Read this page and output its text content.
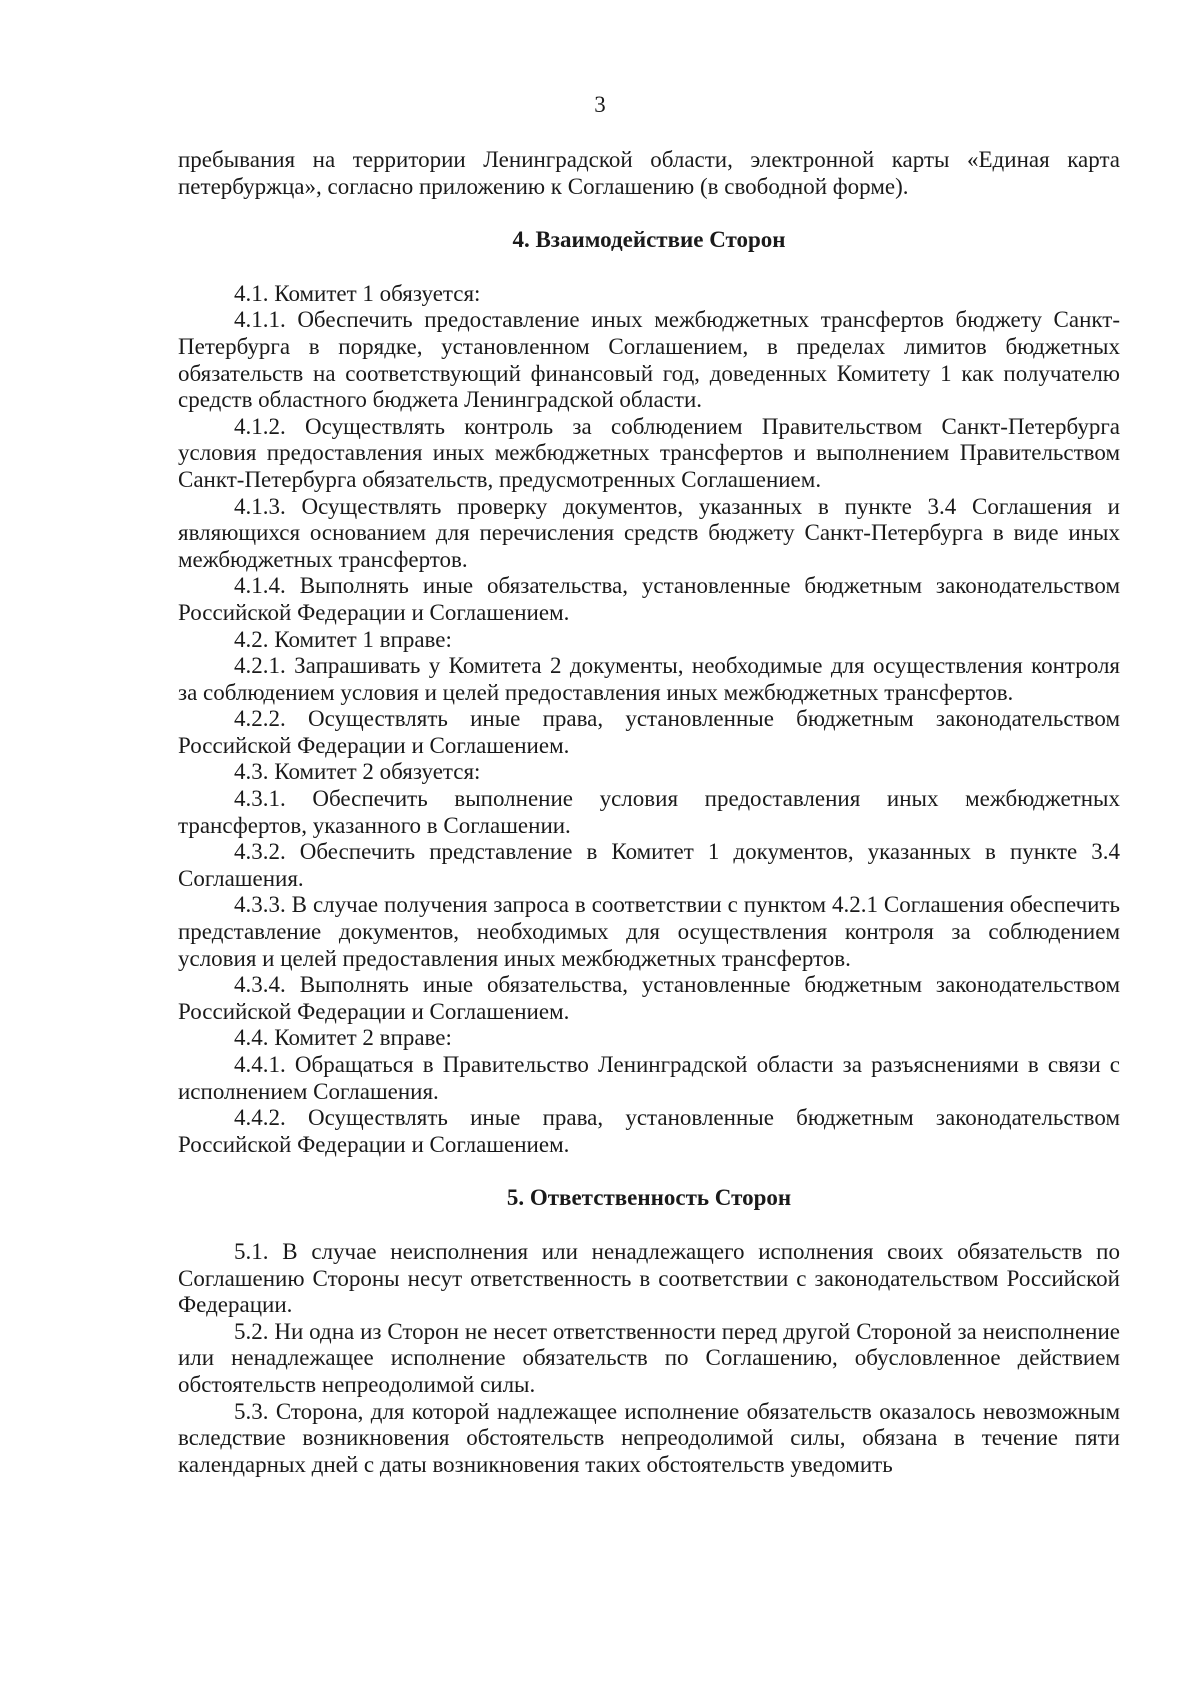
3

пребывания на территории Ленинградской области, электронной карты «Единая карта петербуржца», согласно приложению к Соглашению (в свободной форме).

4. Взаимодействие Сторон

4.1. Комитет 1 обязуется:

4.1.1. Обеспечить предоставление иных межбюджетных трансфертов бюджету Санкт-Петербурга в порядке, установленном Соглашением, в пределах лимитов бюджетных обязательств на соответствующий финансовый год, доведенных Комитету 1 как получателю средств областного бюджета Ленинградской области.

4.1.2. Осуществлять контроль за соблюдением Правительством Санкт-Петербурга условия предоставления иных межбюджетных трансфертов и выполнением Правительством Санкт-Петербурга обязательств, предусмотренных Соглашением.

4.1.3. Осуществлять проверку документов, указанных в пункте 3.4 Соглашения и являющихся основанием для перечисления средств бюджету Санкт-Петербурга в виде иных межбюджетных трансфертов.

4.1.4. Выполнять иные обязательства, установленные бюджетным законодательством Российской Федерации и Соглашением.

4.2. Комитет 1 вправе:

4.2.1. Запрашивать у Комитета 2 документы, необходимые для осуществления контроля за соблюдением условия и целей предоставления иных межбюджетных трансфертов.

4.2.2. Осуществлять иные права, установленные бюджетным законодательством Российской Федерации и Соглашением.

4.3. Комитет 2 обязуется:

4.3.1. Обеспечить выполнение условия предоставления иных межбюджетных трансфертов, указанного в Соглашении.

4.3.2. Обеспечить представление в Комитет 1 документов, указанных в пункте 3.4 Соглашения.

4.3.3. В случае получения запроса в соответствии с пунктом 4.2.1 Соглашения обеспечить представление документов, необходимых для осуществления контроля за соблюдением условия и целей предоставления иных межбюджетных трансфертов.

4.3.4. Выполнять иные обязательства, установленные бюджетным законодательством Российской Федерации и Соглашением.

4.4. Комитет 2 вправе:

4.4.1. Обращаться в Правительство Ленинградской области за разъяснениями в связи с исполнением Соглашения.

4.4.2. Осуществлять иные права, установленные бюджетным законодательством Российской Федерации и Соглашением.

5. Ответственность Сторон

5.1. В случае неисполнения или ненадлежащего исполнения своих обязательств по Соглашению Стороны несут ответственность в соответствии с законодательством Российской Федерации.

5.2. Ни одна из Сторон не несет ответственности перед другой Стороной за неисполнение или ненадлежащее исполнение обязательств по Соглашению, обусловленное действием обстоятельств непреодолимой силы.

5.3. Сторона, для которой надлежащее исполнение обязательств оказалось невозможным вследствие возникновения обстоятельств непреодолимой силы, обязана в течение пяти календарных дней с даты возникновения таких обстоятельств уведомить
